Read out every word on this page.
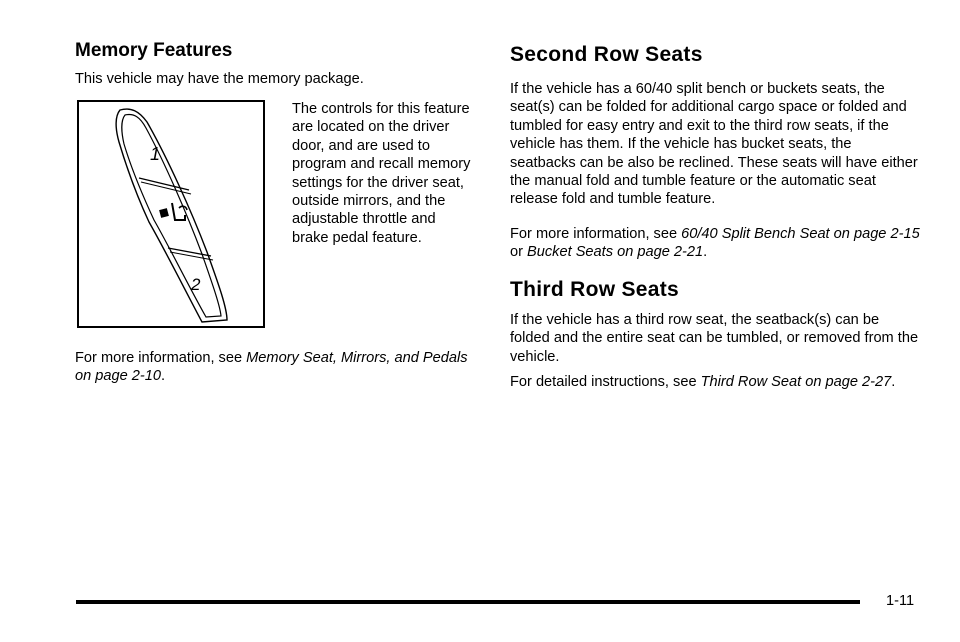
Memory Features

This vehicle may have the memory package.

1
2

The controls for this feature are located on the driver door, and are used to program and recall memory settings for the driver seat, outside mirrors, and the adjustable throttle and brake pedal feature.

For more information, see Memory Seat, Mirrors, and Pedals on page 2-10.

Second Row Seats

If the vehicle has a 60/40 split bench or buckets seats, the seat(s) can be folded for additional cargo space or folded and tumbled for easy entry and exit to the third row seats, if the vehicle has them. If the vehicle has bucket seats, the seatbacks can be also be reclined. These seats will have either the manual fold and tumble feature or the automatic seat release fold and tumble feature.

For more information, see 60/40 Split Bench Seat on page 2-15 or Bucket Seats on page 2-21.

Third Row Seats

If the vehicle has a third row seat, the seatback(s) can be folded and the entire seat can be tumbled, or removed from the vehicle.

For detailed instructions, see Third Row Seat on page 2-27.

1-11
